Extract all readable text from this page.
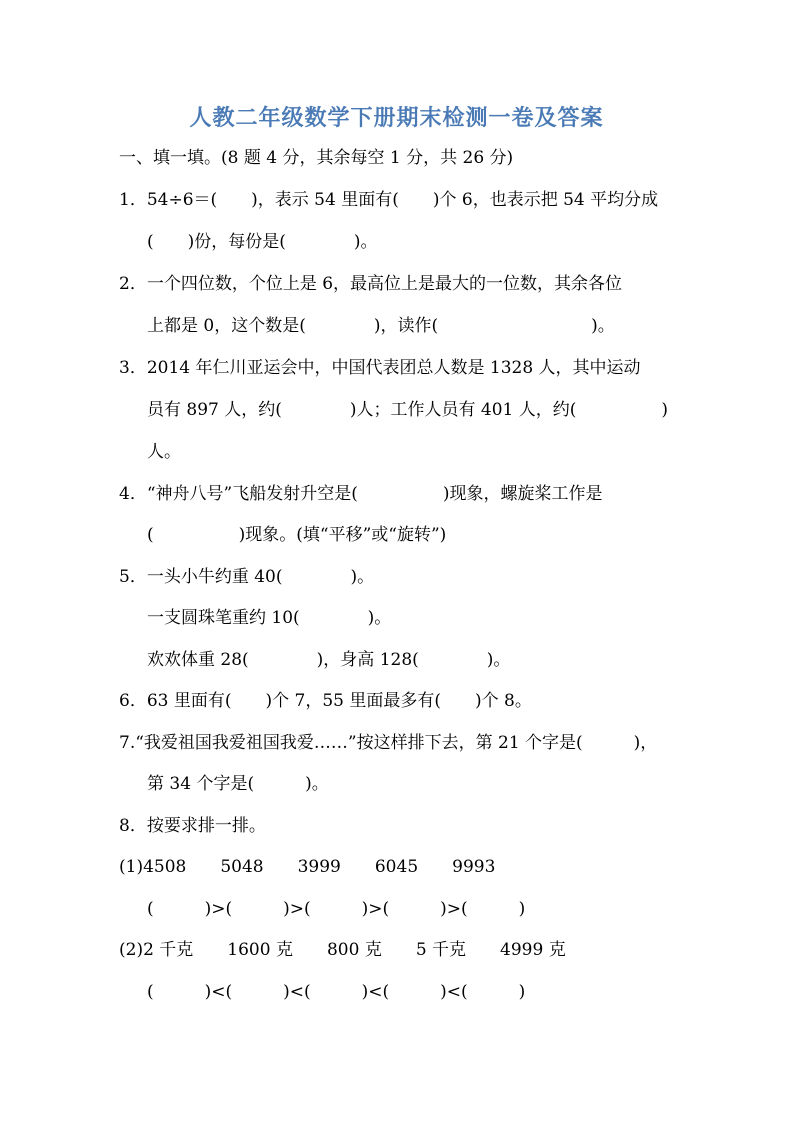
人教二年级数学下册期末检测一卷及答案
一、填一填。(8 题 4 分，其余每空 1 分，共 26 分)
1．54÷6＝(　　)，表示 54 里面有(　　)个 6，也表示把 54 平均分成
(　　)份，每份是(　　　　)。
2．一个四位数，个位上是 6，最高位上是最大的一位数，其余各位
上都是 0，这个数是(　　　　)，读作(　　　　　　　　　)。
3．2014 年仁川亚运会中，中国代表团总人数是 1328 人，其中运动
员有 897 人，约(　　　　)人；工作人员有 401 人，约(　　　　　)
人。
4．“神舟八号”飞船发射升空是(　　　　　)现象，螺旋桨工作是
(　　　　　)现象。(填“平移”或“旋转”)
5．一头小牛约重 40(　　　　)。
一支圆珠笔重约 10(　　　　)。
欢欢体重 28(　　　　)，身高 128(　　　　)。
6．63 里面有(　　)个 7，55 里面最多有(　　)个 8。
7.“我爱祖国我爱祖国我爱……”按这样排下去，第 21 个字是(　　　)，
第 34 个字是(　　　)。
8．按要求排一排。
(1)4508　　5048　　3999　　6045　　9993
(　　　)>(　　　)>(　　　)>(　　　)>(　　　)
(2)2 千克　　1600 克　　800 克　　5 千克　　4999 克
(　　　)<(　　　)<(　　　)<(　　　)<(　　　)
